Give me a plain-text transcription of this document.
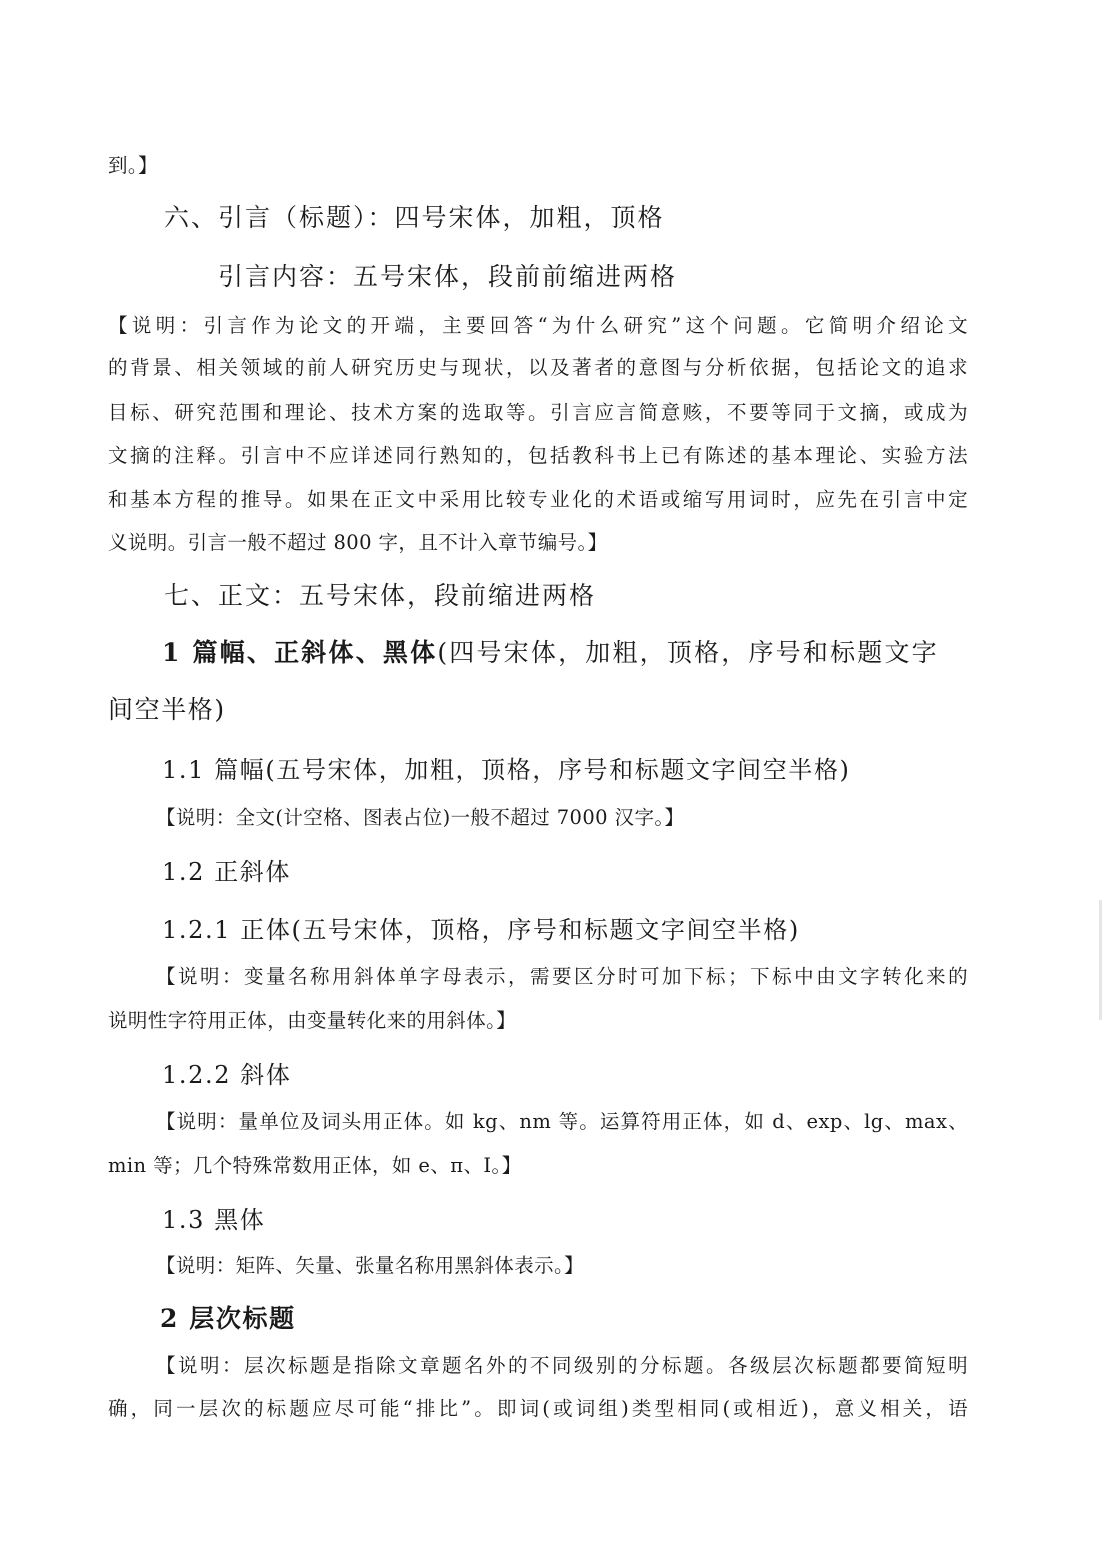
到。】

六、引言（标题）：四号宋体，加粗，顶格

引言内容：五号宋体，段前前缩进两格

【说明：引言作为论文的开端，主要回答“为什么研究”这个问题。它简明介绍论文

的背景、相关领域的前人研究历史与现状，以及著者的意图与分析依据，包括论文的追求

目标、研究范围和理论、技术方案的选取等。引言应言简意赅，不要等同于文摘，或成为

文摘的注释。引言中不应详述同行熟知的，包括教科书上已有陈述的基本理论、实验方法

和基本方程的推导。如果在正文中采用比较专业化的术语或缩写用词时，应先在引言中定

义说明。引言一般不超过 800 字，且不计入章节编号。】

七、正文：五号宋体，段前缩进两格

1 篇幅、正斜体、黑体(四号宋体，加粗，顶格，序号和标题文字

间空半格)

1.1 篇幅(五号宋体，加粗，顶格，序号和标题文字间空半格)

【说明：全文(计空格、图表占位)一般不超过 7000 汉字。】

1.2 正斜体

1.2.1 正体(五号宋体，顶格，序号和标题文字间空半格)

【说明：变量名称用斜体单字母表示，需要区分时可加下标；下标中由文字转化来的

说明性字符用正体，由变量转化来的用斜体。】

1.2.2 斜体

【说明：量单位及词头用正体。如 kg、nm 等。运算符用正体，如 d、exp、lg、max、

min 等；几个特殊常数用正体，如 e、π、I。】

1.3 黑体

【说明：矩阵、矢量、张量名称用黑斜体表示。】

2 层次标题

【说明：层次标题是指除文章题名外的不同级别的分标题。各级层次标题都要简短明

确，同一层次的标题应尽可能“排比”。即词(或词组)类型相同(或相近)，意义相关，语
